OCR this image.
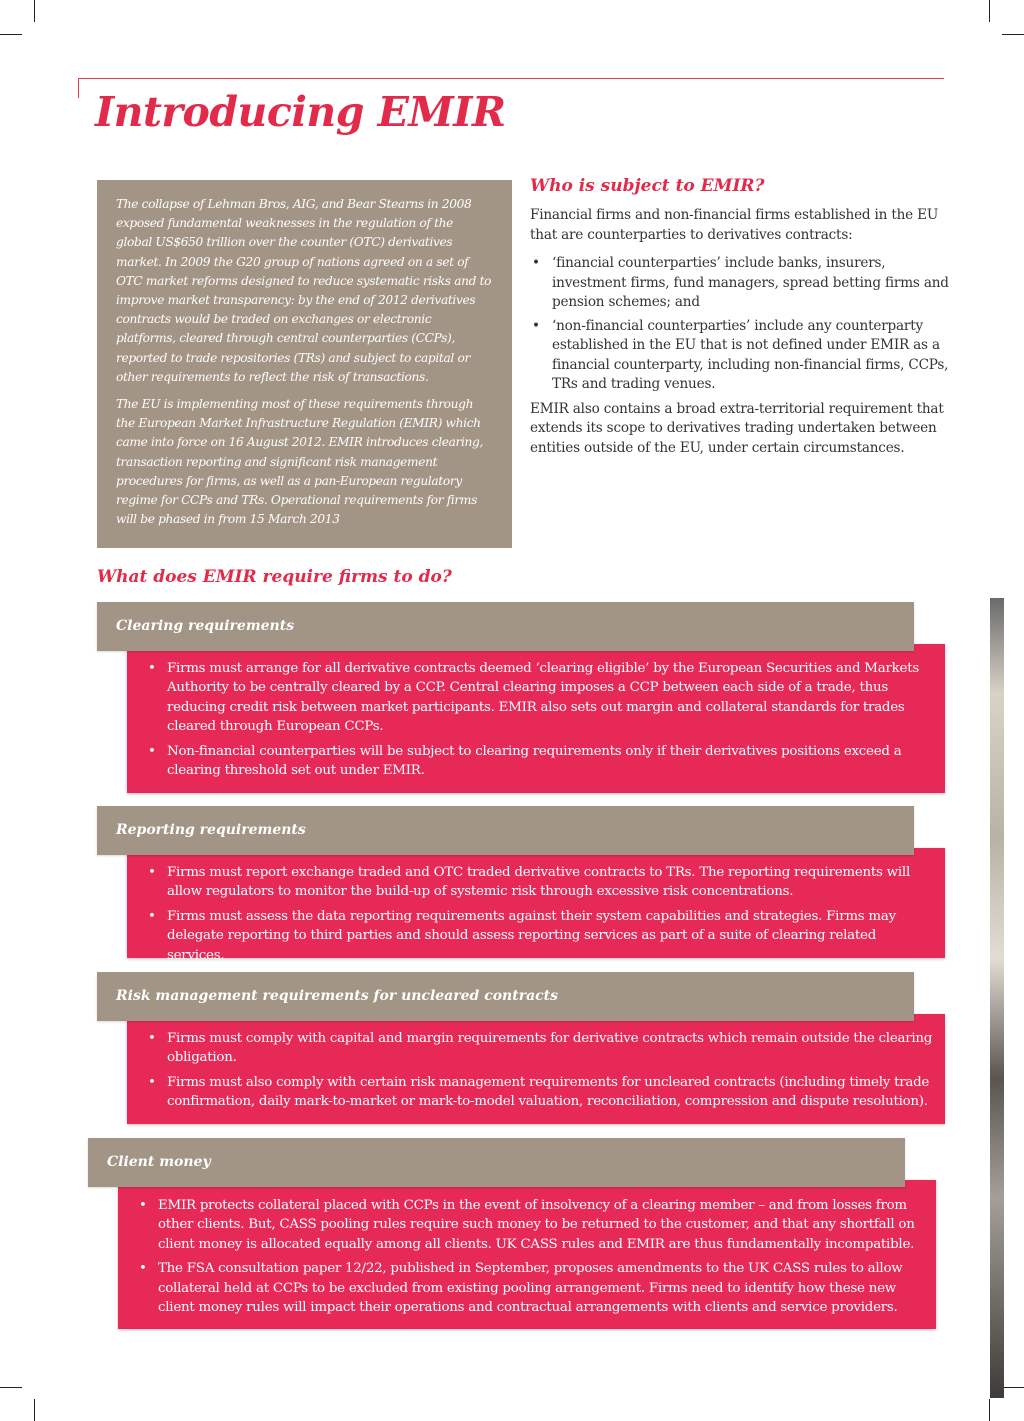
Introducing EMIR

The collapse of Lehman Bros, AIG, and Bear Stearns in 2008 exposed fundamental weaknesses in the regulation of the global US$650 trillion over the counter (OTC) derivatives market. In 2009 the G20 group of nations agreed on a set of OTC market reforms designed to reduce systematic risks and to improve market transparency: by the end of 2012 derivatives contracts would be traded on exchanges or electronic platforms, cleared through central counterparties (CCPs), reported to trade repositories (TRs) and subject to capital or other requirements to reflect the risk of transactions.

The EU is implementing most of these requirements through the European Market Infrastructure Regulation (EMIR) which came into force on 16 August 2012. EMIR introduces clearing, transaction reporting and significant risk management procedures for firms, as well as a pan-European regulatory regime for CCPs and TRs. Operational requirements for firms will be phased in from 15 March 2013

Who is subject to EMIR?

Financial firms and non-financial firms established in the EU that are counterparties to derivatives contracts:

• ‘financial counterparties’ include banks, insurers, investment firms, fund managers, spread betting firms and pension schemes; and
• ‘non-financial counterparties’ include any counterparty established in the EU that is not defined under EMIR as a financial counterparty, including non-financial firms, CCPs, TRs and trading venues.

EMIR also contains a broad extra-territorial requirement that extends its scope to derivatives trading undertaken between entities outside of the EU, under certain circumstances.

What does EMIR require firms to do?
• Firms must arrange for all derivative contracts deemed ‘clearing eligible’ by the European Securities and Markets Authority to be centrally cleared by a CCP. Central clearing imposes a CCP between each side of a trade, thus reducing credit risk between market participants. EMIR also sets out margin and collateral standards for trades cleared through European CCPs.
• Non-financial counterparties will be subject to clearing requirements only if their derivatives positions exceed a clearing threshold set out under EMIR.
Clearing requirements
• Firms must report exchange traded and OTC traded derivative contracts to TRs. The reporting requirements will allow regulators to monitor the build-up of systemic risk through excessive risk concentrations.
• Firms must assess the data reporting requirements against their system capabilities and strategies. Firms may delegate reporting to third parties and should assess reporting services as part of a suite of clearing related services.
Reporting requirements
• Firms must comply with capital and margin requirements for derivative contracts which remain outside the clearing obligation.
• Firms must also comply with certain risk management requirements for uncleared contracts (including timely trade confirmation, daily mark-to-market or mark-to-model valuation, reconciliation, compression and dispute resolution).
Risk management requirements for uncleared contracts
• EMIR protects collateral placed with CCPs in the event of insolvency of a clearing member – and from losses from other clients. But, CASS pooling rules require such money to be returned to the customer, and that any shortfall on client money is allocated equally among all clients. UK CASS rules and EMIR are thus fundamentally incompatible.
• The FSA consultation paper 12/22, published in September, proposes amendments to the UK CASS rules to allow collateral held at CCPs to be excluded from existing pooling arrangement. Firms need to identify how these new client money rules will impact their operations and contractual arrangements with clients and service providers.
Client money
